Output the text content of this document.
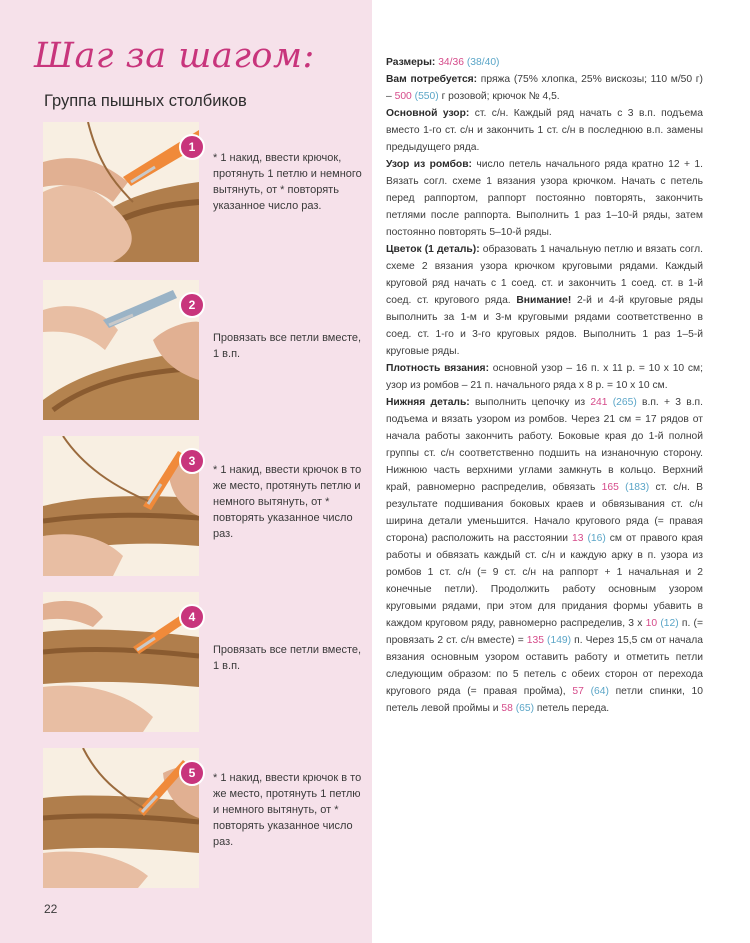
Шаг за шагом:
Группа пышных столбиков
1

* 1 накид, ввести крючок, протянуть 1 петлю и немного вытянуть, от * повторять указанное число раз.

2

Провязать все петли вместе, 1 в.п.

3

* 1 накид, ввести крючок в то же место, протянуть петлю и немного вытянуть, от * повторять указанное число раз.

4

Провязать все петли вместе, 1 в.п.

5	* 1 накид, ввести крючок в то же место, протянуть 1 петлю и немного вытянуть, от * повторять указанное число раз.

22

Размеры: 34/36 (38/40)

Вам потребуется: пряжа (75% хлопка, 25% вискозы; 110 м/50 г) – 500 (550) г розовой; крючок № 4,5.

Основной узор: ст. с/н. Каждый ряд начать с 3 в.п. подъема вместо 1-го ст. с/н и закончить 1 ст. с/н в последнюю в.п. замены предыдущего ряда.

Узор из ромбов: число петель начального ряда кратно 12 + 1. Вязать согл. схеме 1 вязания узора крючком. Начать с петель перед раппортом, раппорт постоянно повторять, закончить петлями после раппорта. Выполнить 1 раз 1–10-й ряды, затем постоянно повторять 5–10-й ряды.

Цветок (1 деталь): образовать 1 начальную петлю и вязать согл. схеме 2 вязания узора крючком круговыми рядами. Каждый круговой ряд начать с 1 соед. ст. и закончить 1 соед. ст. в 1-й соед. ст. кругового ряда. Внимание! 2-й и 4-й круговые ряды выполнить за 1-м и 3-м круговыми рядами соответственно в соед. ст. 1-го и 3-го круговых рядов. Выполнить 1 раз 1–5-й круговые ряды.

Плотность вязания: основной узор – 16 п. х 11 р. = 10 х 10 см; узор из ромбов – 21 п. начального ряда х 8 р. = 10 х 10 см.

Нижняя деталь: выполнить цепочку из 241 (265) в.п. + 3 в.п. подъема и вязать узором из ромбов. Через 21 см = 17 рядов от начала работы закончить работу. Боковые края до 1-й полной группы ст. с/н соответственно подшить на изнаночную сторону. Нижнюю часть верхними углами замкнуть в кольцо. Верхний край, равномерно распределив, обвязать 165 (183) ст. с/н. В результате подшивания боковых краев и обвязывания ст. с/н ширина детали уменьшится. Начало кругового ряда (= правая сторона) расположить на расстоянии 13 (16) см от правого края работы и обвязать каждый ст. с/н и каждую арку в п. узора из ромбов 1 ст. с/н (= 9 ст. с/н на раппорт + 1 начальная и 2 конечные петли). Продолжить работу основным узором круговыми рядами, при этом для придания формы убавить в каждом круговом ряду, равномерно распределив, 3 х 10 (12) п. (= провязать 2 ст. с/н вместе) = 135 (149) п. Через 15,5 см от начала вязания основным узором оставить работу и отметить петли следующим образом: по 5 петель с обеих сторон от перехода кругового ряда (= правая пройма), 57 (64) петли спинки, 10 петель левой проймы и 58 (65) петель переда.
